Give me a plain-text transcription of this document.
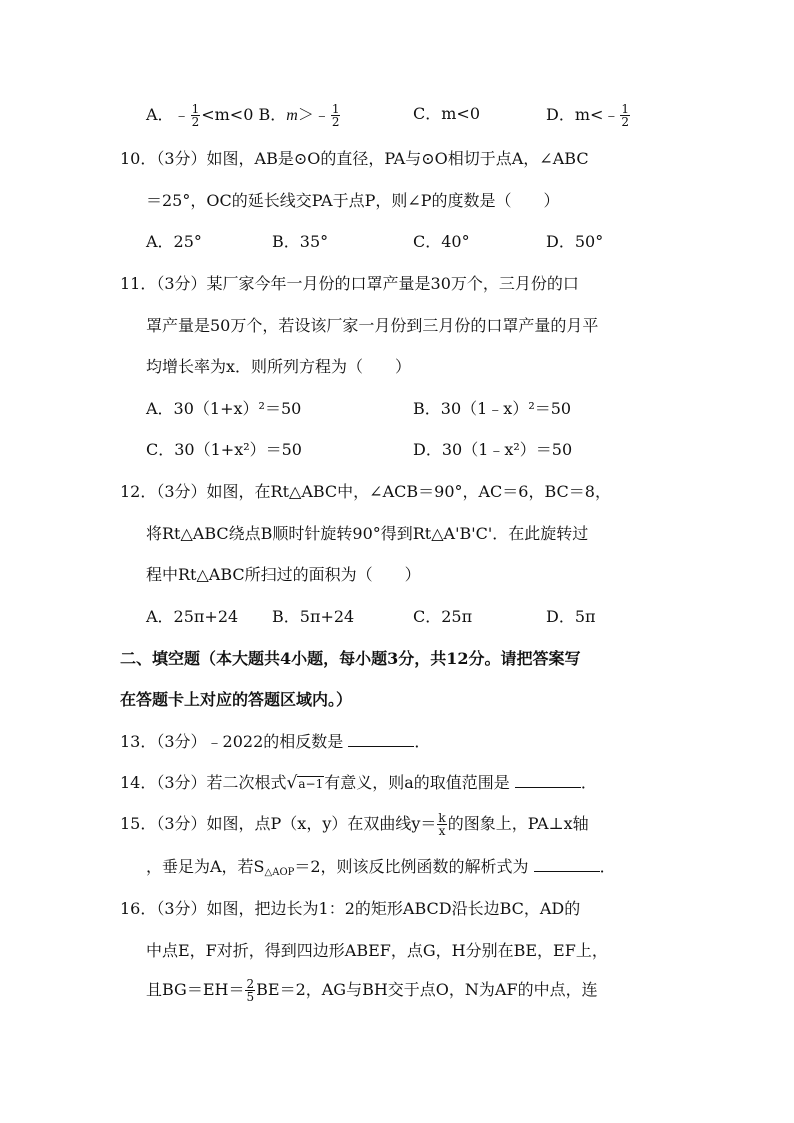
A．﹣ $\frac{1}{2} <m<0$ B．m＞﹣ $\frac{1}{2}$	C．m<0	D．m<﹣ $\frac{1}{2}$
10．（3分）如图，AB是⊙O的直径，PA与⊙O相切于点A，∠ABC
＝25°，OC的延长线交PA于点P，则∠P的度数是（　　）
A．25°	B．35°	C．40°	D．50°
11．（3分）某厂家今年一月份的口罩产量是30万个，三月份的口
罩产量是50万个，若设该厂家一月份到三月份的口罩产量的月平
均增长率为x．则所列方程为（　　）
A．30（1+x）²＝50	B．30（1﹣x）²＝50
C．30（1+x²）＝50	D．30（1﹣x²）＝50
12．（3分）如图，在Rt△ABC中，∠ACB＝90°，AC＝6，BC＝8，
将Rt△ABC绕点B顺时针旋转90°得到Rt△A'B'C'．在此旋转过
程中Rt△ABC所扫过的面积为（　　）
A．25π+24 B．5π+24	C．25π	D．5π
二、填空题（本大题共4小题，每小题3分，共12分。请把答案写
在答题卡上对应的答题区域内。）
13．（3分）﹣2022的相反数是	．
14．（3分）若二次根式√a−1有意义，则a的取值范围是	．
15．（3分）如图，点P（x，y）在双曲线$y= \frac{k}{x}$ 的图象上，PA⊥x轴
，垂足为A，若$S_{\triangle AOP}=2$，则该反比例函数的解析式为	．
16．（3分）如图，把边长为1：2的矩形ABCD沿长边BC，AD的
中点E，F对折，得到四边形ABEF，点G，H分别在BE，EF上，
且$BG=EH= \frac{2}{5} BE=2$，AG与BH交于点O，N为AF的中点，连
